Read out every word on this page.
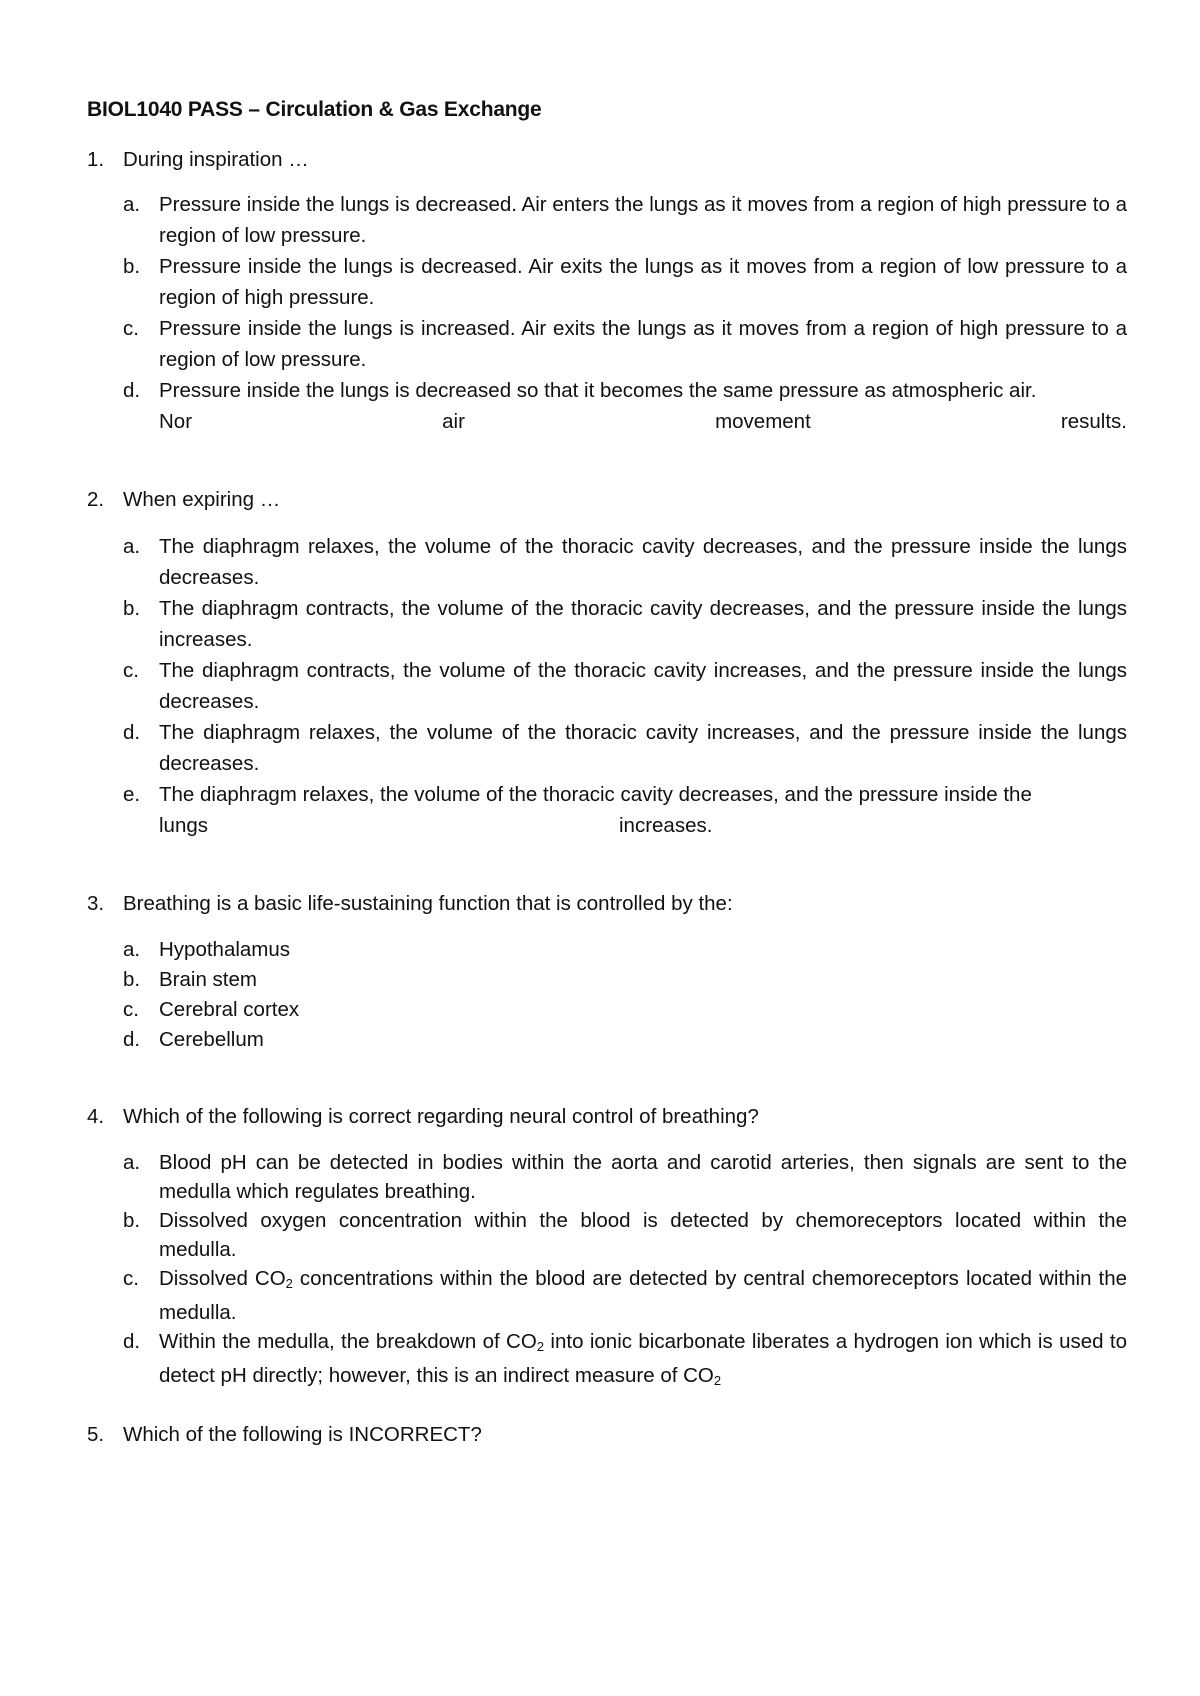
BIOL1040 PASS – Circulation & Gas Exchange
1. During inspiration …
a. Pressure inside the lungs is decreased. Air enters the lungs as it moves from a region of high pressure to a region of low pressure.
b. Pressure inside the lungs is decreased. Air exits the lungs as it moves from a region of low pressure to a region of high pressure.
c. Pressure inside the lungs is increased. Air exits the lungs as it moves from a region of high pressure to a region of low pressure.
d. Pressure inside the lungs is decreased so that it becomes the same pressure as atmospheric air.
Nor	air	movement	results.
2. When expiring …
a. The diaphragm relaxes, the volume of the thoracic cavity decreases, and the pressure inside the lungs decreases.
b. The diaphragm contracts, the volume of the thoracic cavity decreases, and the pressure inside the lungs increases.
c. The diaphragm contracts, the volume of the thoracic cavity increases, and the pressure inside the lungs decreases.
d. The diaphragm relaxes, the volume of the thoracic cavity increases, and the pressure inside the lungs decreases.
e. The diaphragm relaxes, the volume of the thoracic cavity decreases, and the pressure inside the
lungs	increases.
3. Breathing is a basic life-sustaining function that is controlled by the:
a. Hypothalamus
b. Brain stem
c. Cerebral cortex
d. Cerebellum
4. Which of the following is correct regarding neural control of breathing?
a. Blood pH can be detected in bodies within the aorta and carotid arteries, then signals are sent to the medulla which regulates breathing.
b. Dissolved oxygen concentration within the blood is detected by chemoreceptors located within the medulla.
c. Dissolved $CO_2$ concentrations within the blood are detected by central chemoreceptors located within the medulla.
d. Within the medulla, the breakdown of $CO_2$ into ionic bicarbonate liberates a hydrogen ion which is used to detect pH directly; however, this is an indirect measure of $CO_2$
5. Which of the following is INCORRECT?
